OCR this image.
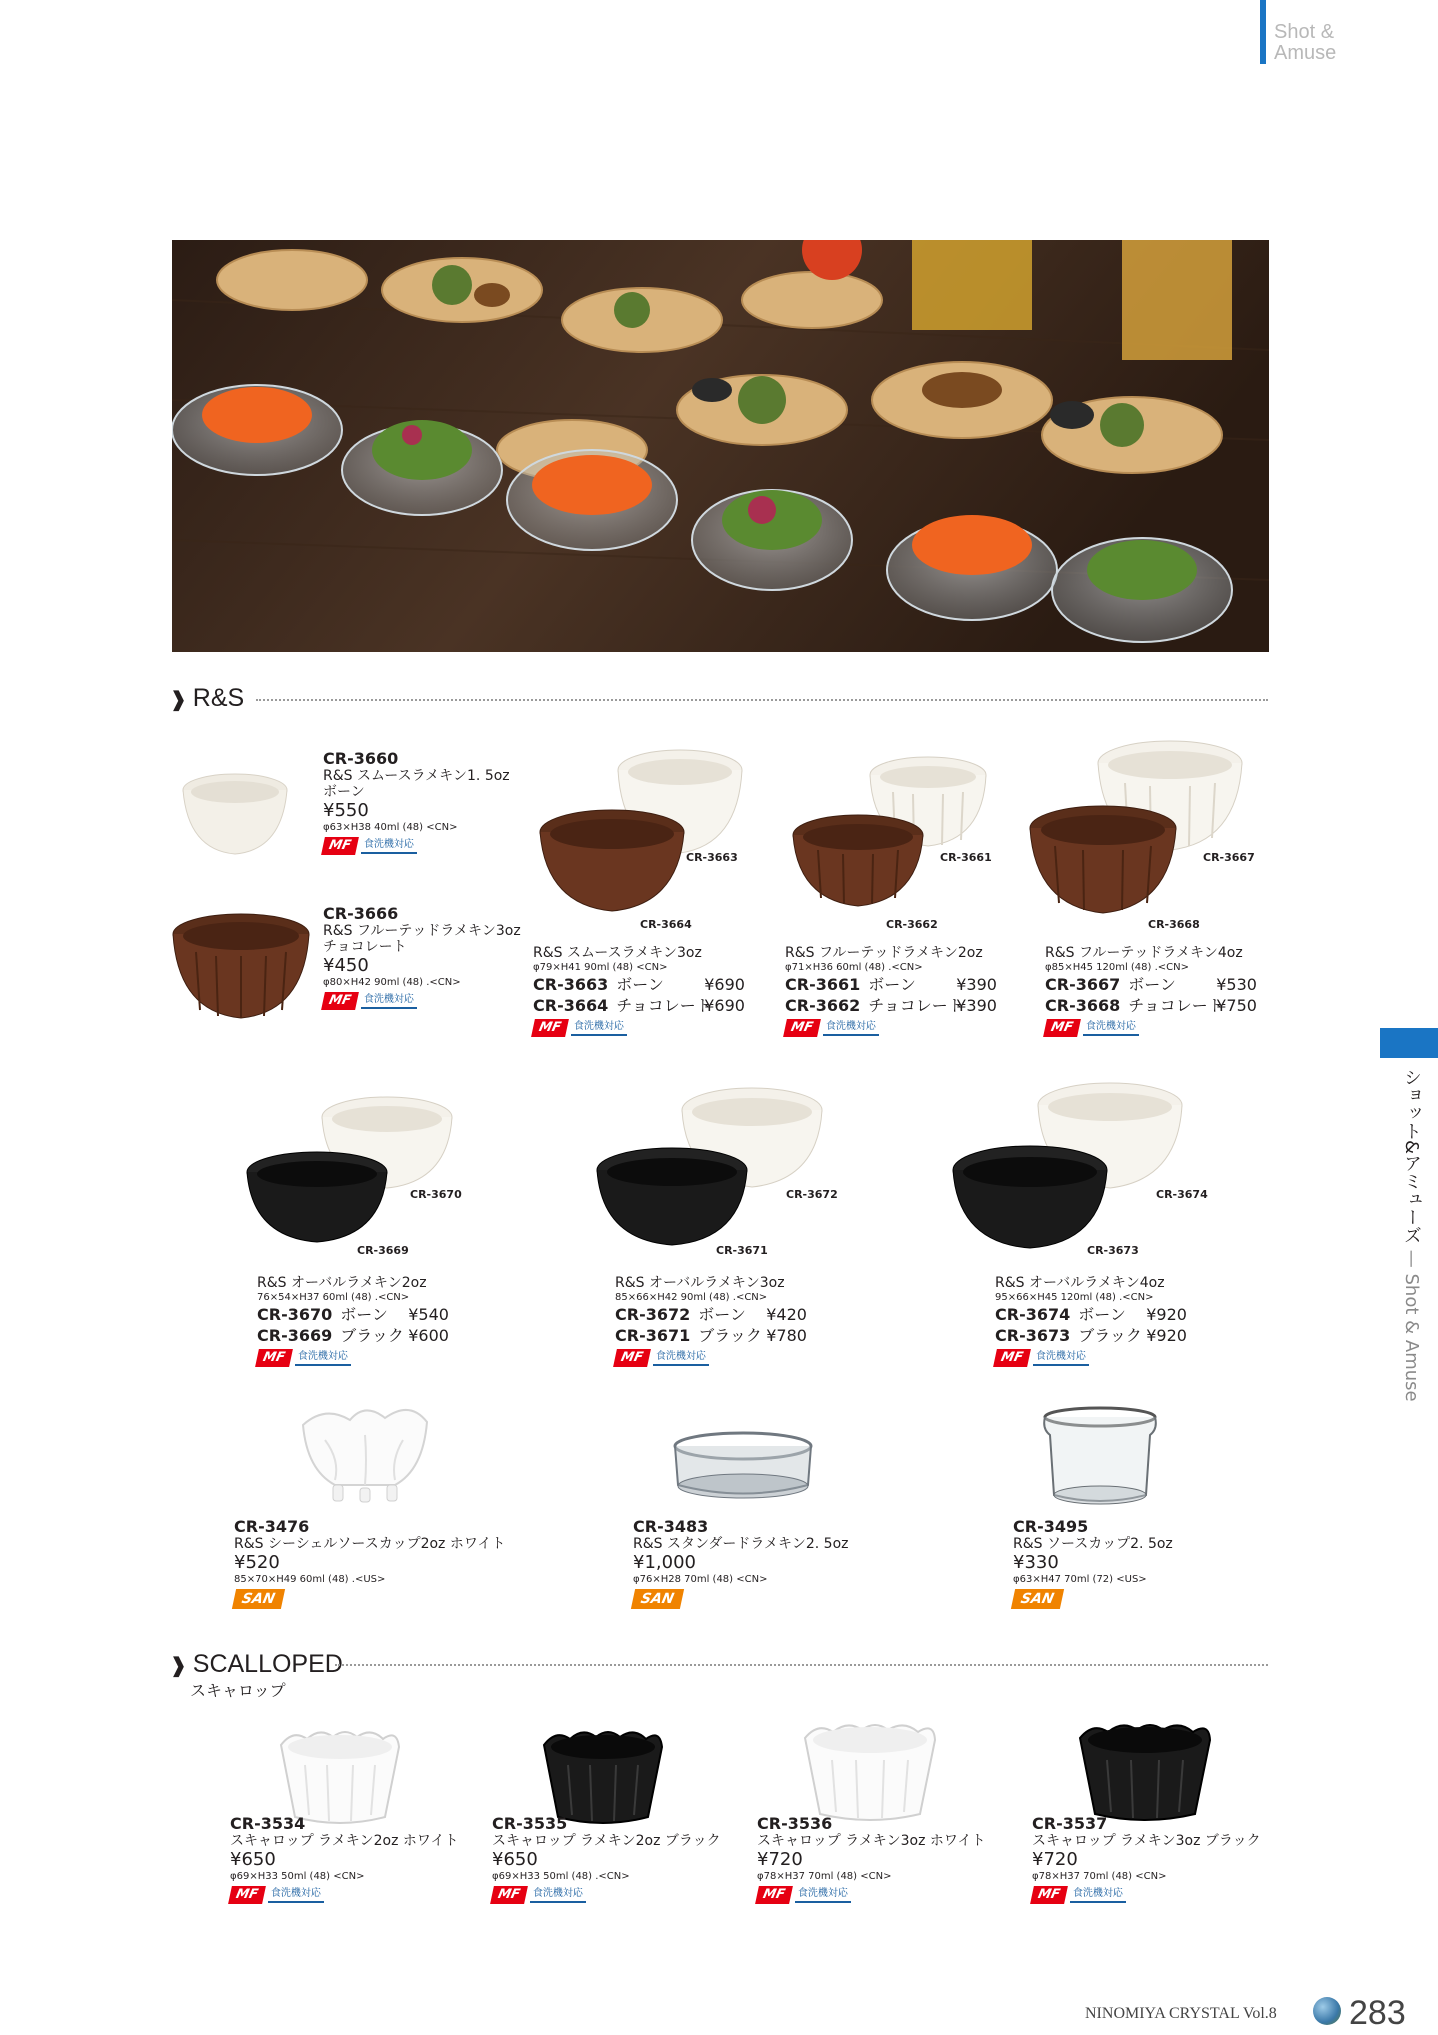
Shot &
Amuse
❱ R&S
CR-3660
R&S スムースラメキン1. 5oz
ボーン
¥550
φ63×H38 40ml (48) <CN>
MF	食洗機対応
CR-3666
R&S フルーテッドラメキン3oz
チョコレート
¥450
φ80×H42 90ml (48) .<CN>
MF	食洗機対応
CR-3663
CR-3664
R&S スムースラメキン3oz
φ79×H41 90ml (48) <CN>
CR-3663 ボーン	¥690
CR-3664 チョコレート¥690
MF	食洗機対応
CR-3661
CR-3662
R&S フルーテッドラメキン2oz
φ71×H36 60ml (48) .<CN>
CR-3661 ボーン	¥390
CR-3662 チョコレート¥390
MF	食洗機対応
CR-3667
CR-3668
R&S フルーテッドラメキン4oz
φ85×H45 120ml (48) .<CN>
CR-3667 ボーン	¥530
CR-3668 チョコレート¥750
MF	食洗機対応
CR-3670
CR-3669
R&S オーバルラメキン2oz
76×54×H37 60ml (48) .<CN>
CR-3670 ボーン ¥540
CR-3669 ブラック ¥600
MF	食洗機対応
CR-3672
CR-3671
R&S オーバルラメキン3oz
85×66×H42 90ml (48) .<CN>
CR-3672 ボーン ¥420
CR-3671 ブラック ¥780
MF	食洗機対応
CR-3674
CR-3673
R&S オーバルラメキン4oz
95×66×H45 120ml (48) .<CN>
CR-3674 ボーン ¥920
CR-3673 ブラック ¥920
MF	食洗機対応
CR-3476
R&S シーシェルソースカップ2oz ホワイト
¥520
85×70×H49 60ml (48) .<US>
SAN
CR-3483
R&S スタンダードラメキン2. 5oz
¥1,000
φ76×H28 70ml (48) <CN>
SAN
CR-3495
R&S ソースカップ2. 5oz
¥330
φ63×H47 70ml (72) <US>
SAN
❱ SCALLOPED
スキャロップ
CR-3534
スキャロップ ラメキン2oz ホワイト
¥650
φ69×H33 50ml (48) <CN>
MF	食洗機対応
CR-3535
スキャロップ ラメキン2oz ブラック
¥650
φ69×H33 50ml (48) .<CN>
MF	食洗機対応
CR-3536
スキャロップ ラメキン3oz ホワイト
¥720
φ78×H37 70ml (48) <CN>
MF	食洗機対応
CR-3537
スキャロップ ラメキン3oz ブラック
¥720
φ78×H37 70ml (48) <CN>
MF	食洗機対応
ショット&アミューズ — Shot & Amuse
NINOMIYA CRYSTAL Vol.8 283
